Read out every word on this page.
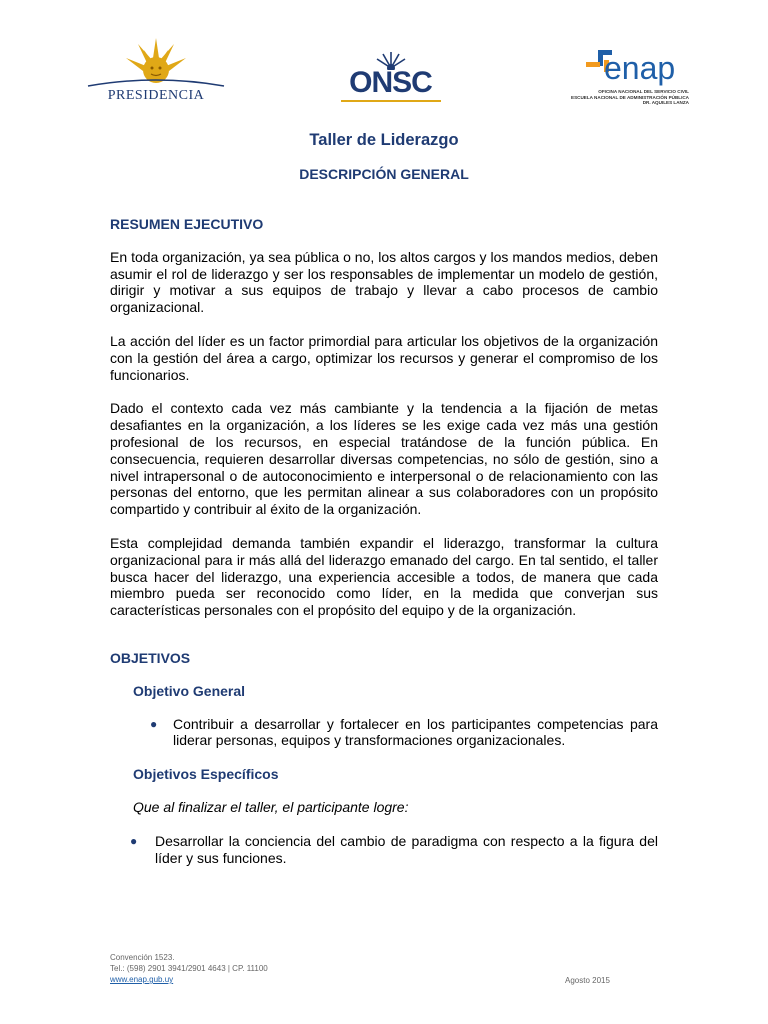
PRESIDENCIA	ONSC	enap
OFICINA NACIONAL DEL SERVICIO CIVIL
ESCUELA NACIONAL DE ADMINISTRACIÓN PÚBLICA
DR. AQUILES LANZA
Taller de Liderazgo
DESCRIPCIÓN GENERAL
RESUMEN EJECUTIVO

En toda organización, ya sea pública o no, los altos cargos y los mandos medios, deben asumir el rol de liderazgo y ser los responsables de implementar un modelo de gestión, dirigir y motivar a sus equipos de trabajo y llevar a cabo procesos de cambio organizacional.

La acción del líder es un factor primordial para articular los objetivos de la organización con la gestión del área a cargo, optimizar los recursos y generar el compromiso de los funcionarios.

Dado el contexto cada vez más cambiante y la tendencia a la fijación de metas desafiantes en la organización, a los líderes se les exige cada vez más una gestión profesional de los recursos, en especial tratándose de la función pública. En consecuencia, requieren desarrollar diversas competencias, no sólo de gestión, sino a nivel intrapersonal o de autoconocimiento e interpersonal o de relacionamiento con las personas del entorno, que les permitan alinear a sus colaboradores con un propósito compartido y contribuir al éxito de la organización.

Esta complejidad demanda también expandir el liderazgo, transformar la cultura organizacional para ir más allá del liderazgo emanado del cargo. En tal sentido, el taller busca hacer del liderazgo, una experiencia accesible a todos, de manera que cada miembro pueda ser reconocido como líder, en la medida que converjan sus características personales con el propósito del equipo y de la organización.

OBJETIVOS
Objetivo General
● Contribuir a desarrollar y fortalecer en los participantes competencias para liderar personas, equipos y transformaciones organizacionales.
Objetivos Específicos
Que al finalizar el taller, el participante logre:
● Desarrollar la conciencia del cambio de paradigma con respecto a la figura del líder y sus funciones.
Convención 1523.
Tel.: (598) 2901 3941/2901 4643 | CP. 11100
www.enap.gub.uy	Agosto 2015
